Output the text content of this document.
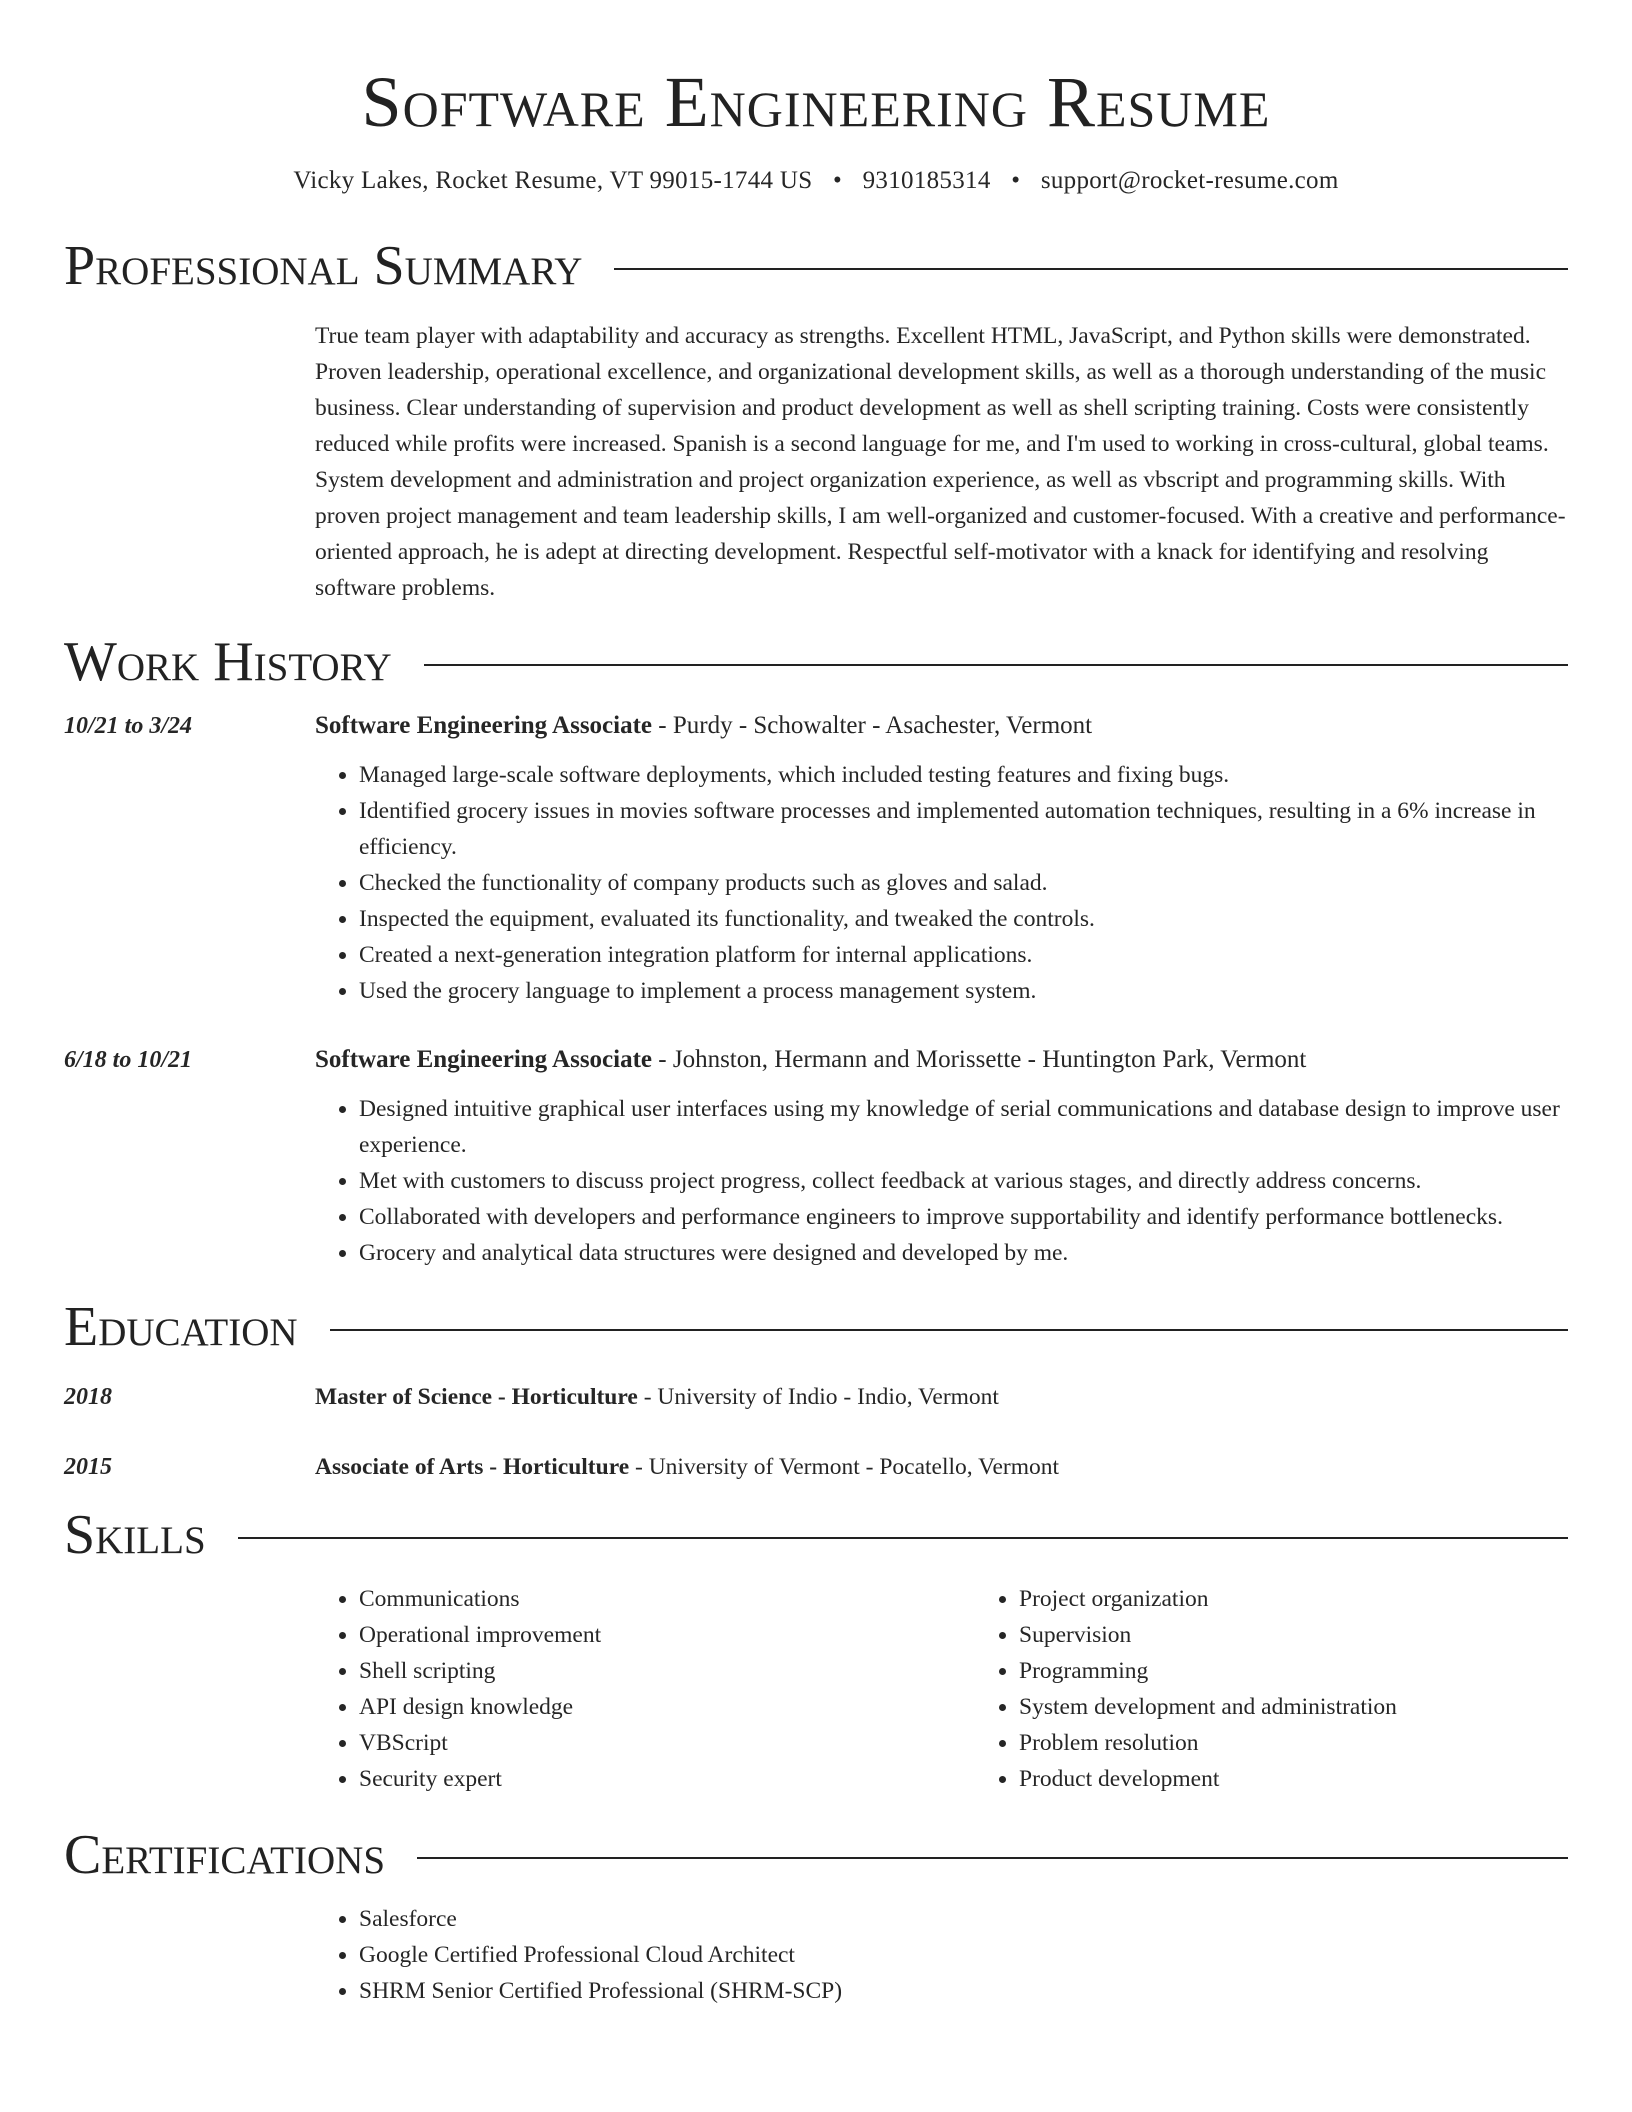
Software Engineering Resume
Vicky Lakes, Rocket Resume, VT 99015-1744 US • 9310185314 • support@rocket-resume.com
Professional Summary
True team player with adaptability and accuracy as strengths. Excellent HTML, JavaScript, and Python skills were demonstrated. Proven leadership, operational excellence, and organizational development skills, as well as a thorough understanding of the music business. Clear understanding of supervision and product development as well as shell scripting training. Costs were consistently reduced while profits were increased. Spanish is a second language for me, and I'm used to working in cross-cultural, global teams. System development and administration and project organization experience, as well as vbscript and programming skills. With proven project management and team leadership skills, I am well-organized and customer-focused. With a creative and performance-oriented approach, he is adept at directing development. Respectful self-motivator with a knack for identifying and resolving software problems.
Work History
10/21 to 3/24	Software Engineering Associate - Purdy - Schowalter - Asachester, Vermont
• Managed large-scale software deployments, which included testing features and fixing bugs.
• Identified grocery issues in movies software processes and implemented automation techniques, resulting in a 6% increase in efficiency.
• Checked the functionality of company products such as gloves and salad.
• Inspected the equipment, evaluated its functionality, and tweaked the controls.
• Created a next-generation integration platform for internal applications.
• Used the grocery language to implement a process management system.
6/18 to 10/21	Software Engineering Associate - Johnston, Hermann and Morissette - Huntington Park, Vermont
• Designed intuitive graphical user interfaces using my knowledge of serial communications and database design to improve user experience.
• Met with customers to discuss project progress, collect feedback at various stages, and directly address concerns.
• Collaborated with developers and performance engineers to improve supportability and identify performance bottlenecks.
• Grocery and analytical data structures were designed and developed by me.
Education
2018	Master of Science - Horticulture - University of Indio - Indio, Vermont
2015	Associate of Arts - Horticulture - University of Vermont - Pocatello, Vermont
Skills
• Communications
• Operational improvement
• Shell scripting
• API design knowledge
• VBScript
• Security expert
• Project organization
• Supervision
• Programming
• System development and administration
• Problem resolution
• Product development
Certifications
• Salesforce
• Google Certified Professional Cloud Architect
• SHRM Senior Certified Professional (SHRM-SCP)
